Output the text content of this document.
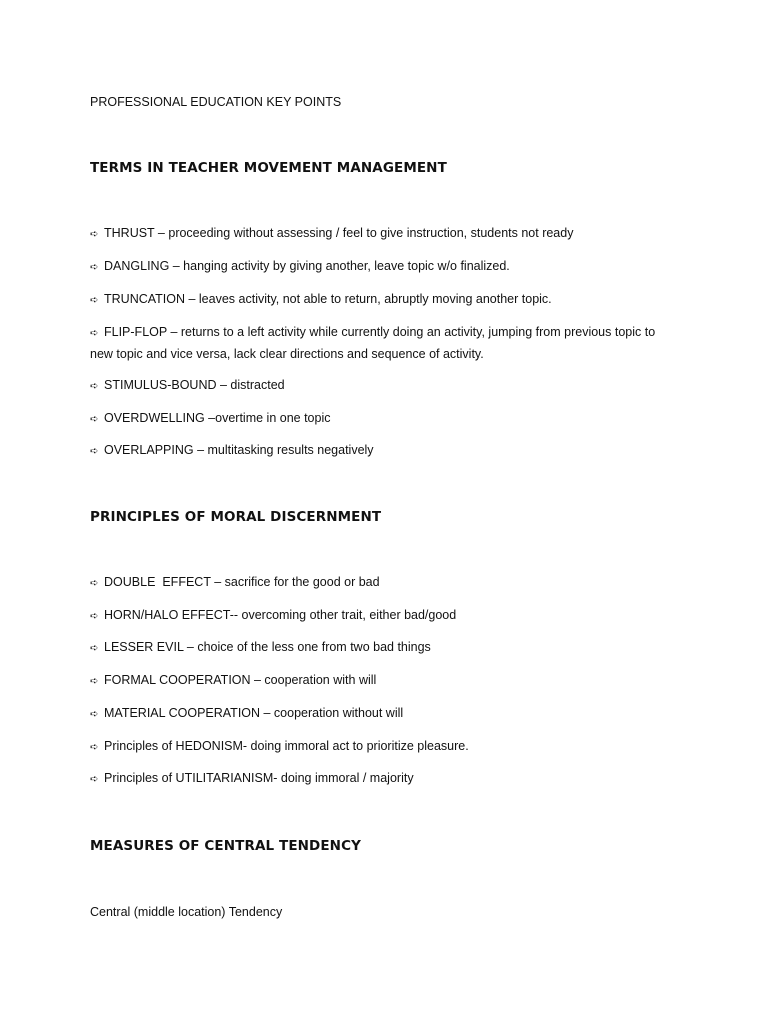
PROFESSIONAL EDUCATION KEY POINTS
TERMS IN TEACHER MOVEMENT MANAGEMENT
➪ THRUST – proceeding without assessing / feel to give instruction, students not ready
➪ DANGLING – hanging activity by giving another, leave topic w/o finalized.
➪ TRUNCATION – leaves activity, not able to return, abruptly moving another topic.
➪ FLIP-FLOP – returns to a left activity while currently doing an activity, jumping from previous topic to new topic and vice versa, lack clear directions and sequence of activity.
➪ STIMULUS-BOUND – distracted
➪ OVERDWELLING –overtime in one topic
➪ OVERLAPPING – multitasking results negatively
PRINCIPLES OF MORAL DISCERNMENT
➪ DOUBLE  EFFECT – sacrifice for the good or bad
➪ HORN/HALO EFFECT-- overcoming other trait, either bad/good
➪ LESSER EVIL – choice of the less one from two bad things
➪ FORMAL COOPERATION – cooperation with will
➪ MATERIAL COOPERATION – cooperation without will
➪ Principles of HEDONISM- doing immoral act to prioritize pleasure.
➪ Principles of UTILITARIANISM- doing immoral / majority
MEASURES OF CENTRAL TENDENCY
Central (middle location) Tendency
